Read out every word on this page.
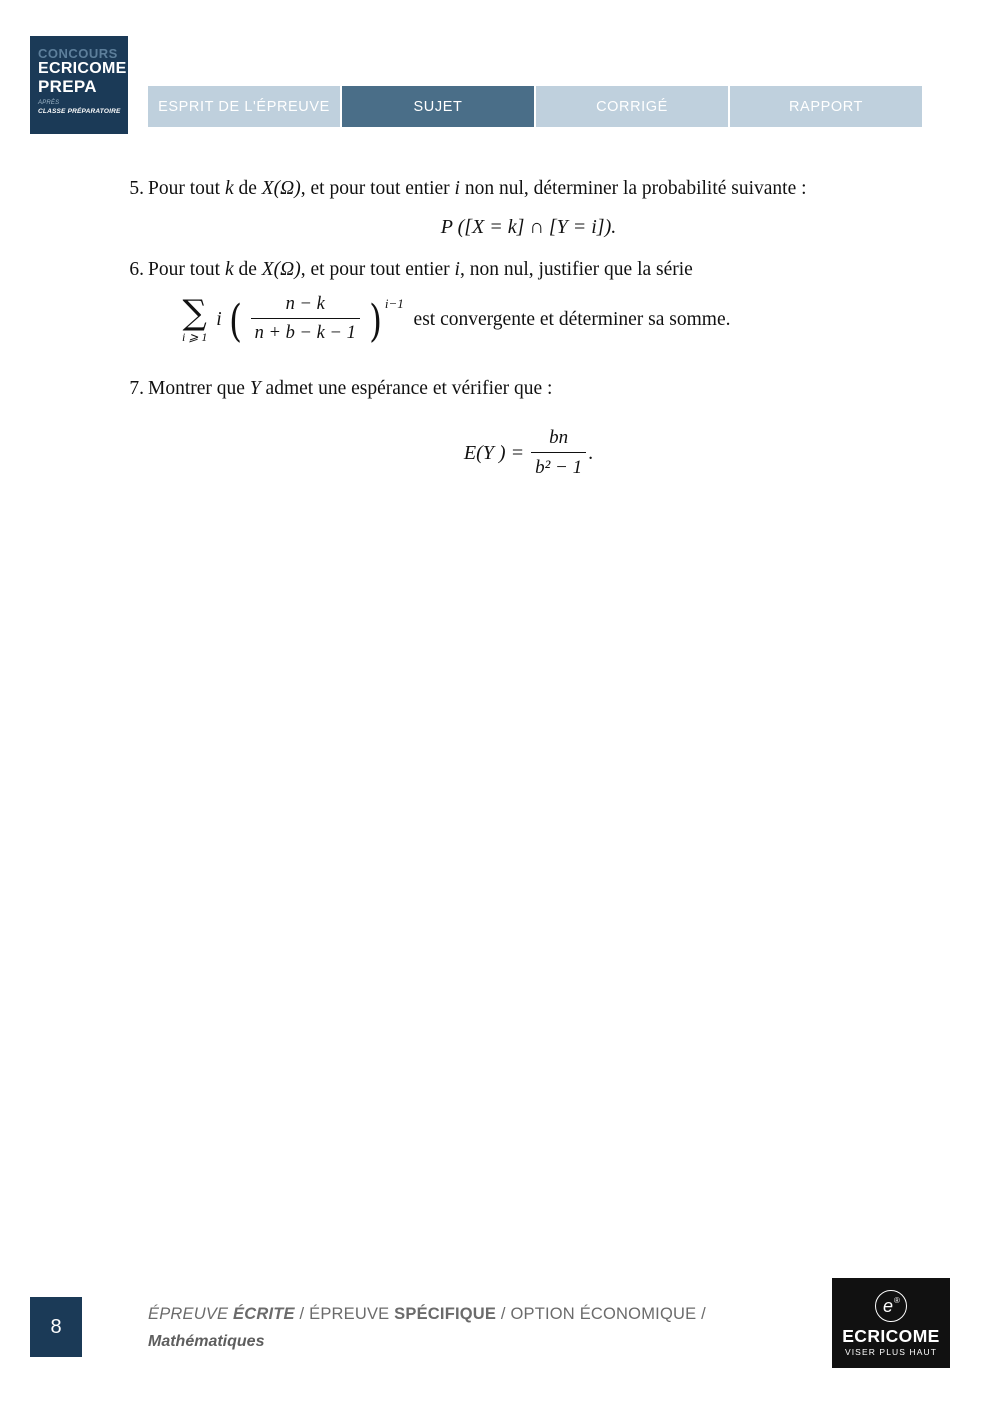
CONCOURS
ECRICOME
PREPA
APRÈS
CLASSE PRÉPARATOIRE	ESPRIT DE L'ÉPREUVE	SUJET	CORRIGÉ	RAPPORT
5. Pour tout k de X(Ω), et pour tout entier i non nul, déterminer la probabilité suivante :
P ([X = k] ∩ [Y = i]).
6. Pour tout k de X(Ω), et pour tout entier i, non nul, justifier que la série
∑
i ⩾ 1
i ( $\frac{n - k}{n + b - k - 1}$ ) i−1  est convergente et déterminer sa somme.
7. Montrer que Y admet une espérance et vérifier que :
E(Y ) = $\frac{bn}{\text{b² − 1}}$ .
8
ÉPREUVE ÉCRITE / ÉPREUVE SPÉCIFIQUE / OPTION ÉCONOMIQUE /
Mathématiques
e®
ECRICOME
VISER PLUS HAUT
